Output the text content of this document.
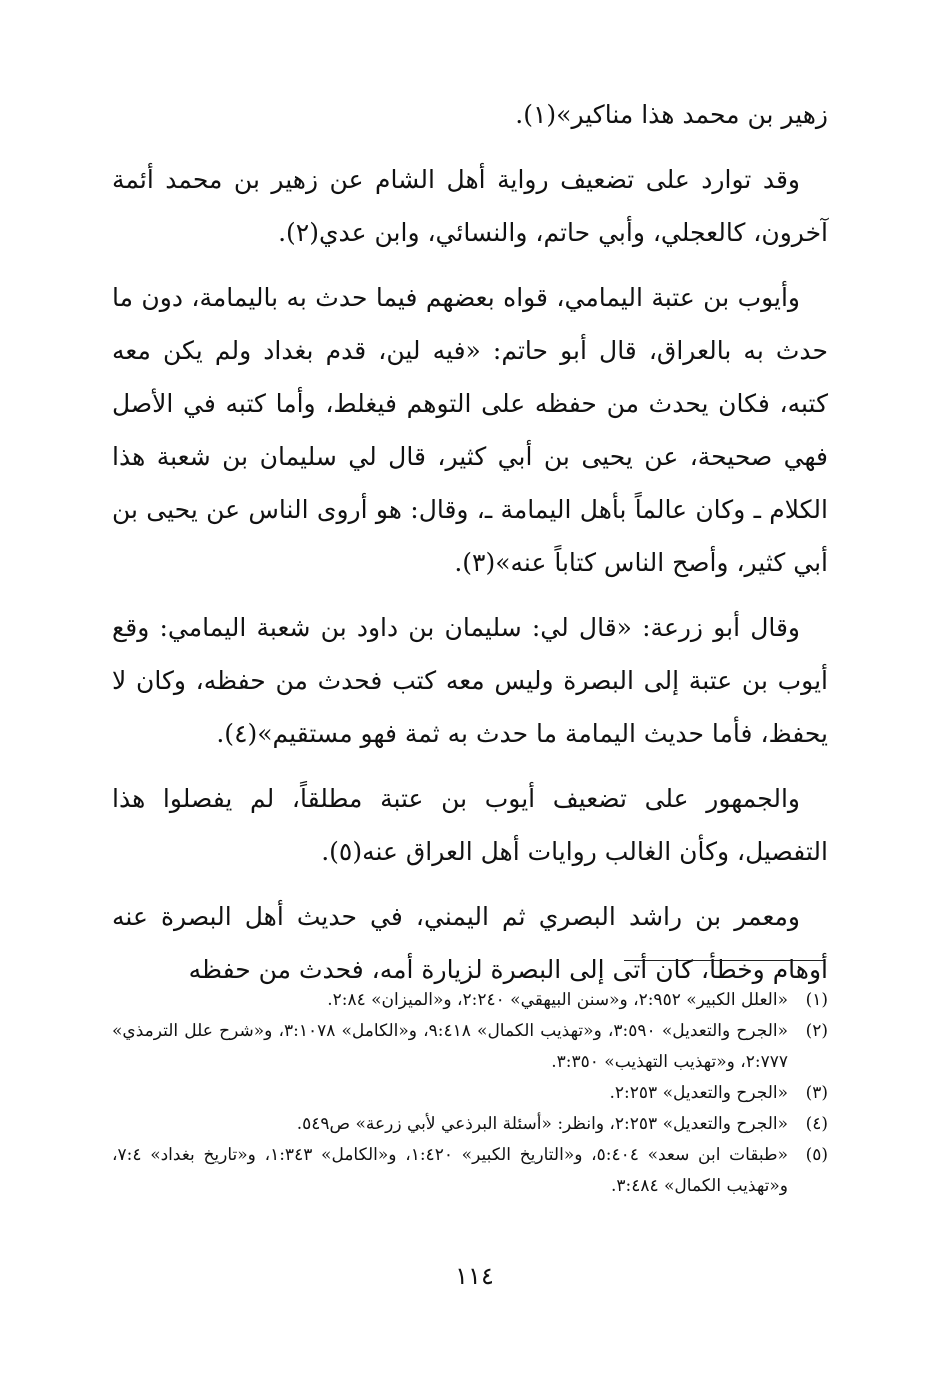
زهير بن محمد هذا مناكير»(١).

وقد توارد على تضعيف رواية أهل الشام عن زهير بن محمد أئمة آخرون، كالعجلي، وأبي حاتم، والنسائي، وابن عدي(٢).

وأيوب بن عتبة اليمامي، قواه بعضهم فيما حدث به باليمامة، دون ما حدث به بالعراق، قال أبو حاتم: «فيه لين، قدم بغداد ولم يكن معه كتبه، فكان يحدث من حفظه على التوهم فيغلط، وأما كتبه في الأصل فهي صحيحة، عن يحيى بن أبي كثير، قال لي سليمان بن شعبة هذا الكلام ـ وكان عالماً بأهل اليمامة ـ، وقال: هو أروى الناس عن يحيى بن أبي كثير، وأصح الناس كتاباً عنه»(٣).

وقال أبو زرعة: «قال لي: سليمان بن داود بن شعبة اليمامي: وقع أيوب بن عتبة إلى البصرة وليس معه كتب فحدث من حفظه، وكان لا يحفظ، فأما حديث اليمامة ما حدث به ثمة فهو مستقيم»(٤).

والجمهور على تضعيف أيوب بن عتبة مطلقاً، لم يفصلوا هذا التفصيل، وكأن الغالب روايات أهل العراق عنه(٥).

ومعمر بن راشد البصري ثم اليمني، في حديث أهل البصرة عنه أوهام وخطأ، كان أتى إلى البصرة لزيارة أمه، فحدث من حفظه

(١)
«العلل الكبير» ٢:٩٥٢، و«سنن البيهقي» ٢:٢٤٠، و«الميزان» ٢:٨٤.
(٢)
«الجرح والتعديل» ٣:٥٩٠، و«تهذيب الكمال» ٩:٤١٨، و«الكامل» ٣:١٠٧٨، و«شرح علل الترمذي» ٢:٧٧٧، و«تهذيب التهذيب» ٣:٣٥٠.
(٣)
«الجرح والتعديل» ٢:٢٥٣.
(٤)
«الجرح والتعديل» ٢:٢٥٣، وانظر: «أسئلة البرذعي لأبي زرعة» ص٥٤٩.
(٥)
«طبقات ابن سعد» ٥:٤٠٤، و«التاريخ الكبير» ١:٤٢٠، و«الكامل» ١:٣٤٣، و«تاريخ بغداد» ٧:٤، و«تهذيب الكمال» ٣:٤٨٤.
١١٤
